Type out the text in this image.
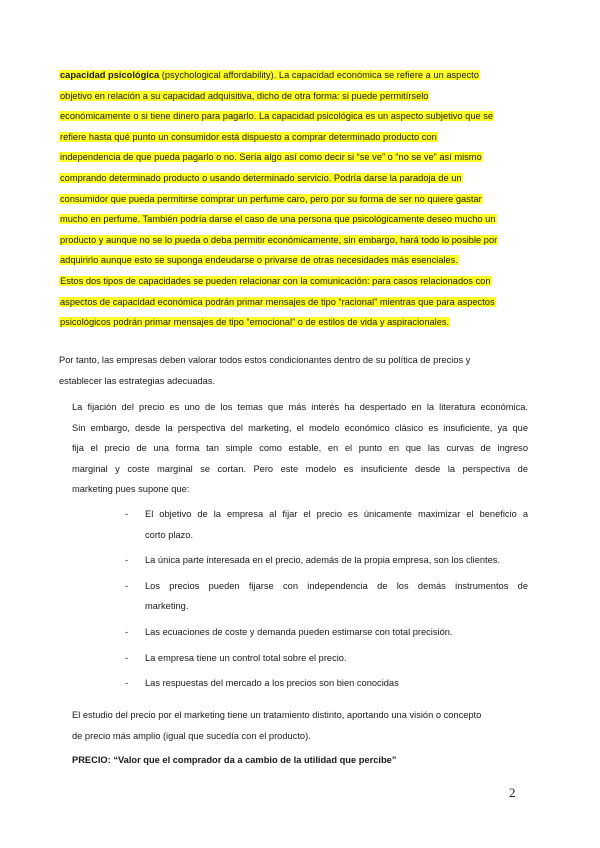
capacidad psicológica (psychological affordability). La capacidad económica se refiere a un aspecto
objetivo en relación a su capacidad adquisitiva, dicho de otra forma: si puede permitírselo
económicamente o si tiene dinero para pagarlo. La capacidad psicológica es un aspecto subjetivo que se
refiere hasta qué punto un consumidor está dispuesto a comprar determinado producto con
independencia de que pueda pagarlo o no. Sería algo así como decir si “se ve” o “no se ve” así mismo
comprando determinado producto o usando determinado servicio. Podría darse la paradoja de un
consumidor que pueda permitirse comprar un perfume caro, pero por su forma de ser no quiere gastar
mucho en perfume. También podría darse el caso de una persona que psicológicamente deseo mucho un
producto y aunque no se lo pueda o deba permitir económicamente, sin embargo, hará todo lo posible por
adquirirlo aunque esto se suponga endeudarse o privarse de otras necesidades más esenciales.
Estos dos tipos de capacidades se pueden relacionar con la comunicación: para casos relacionados con
aspectos de capacidad económica podrán primar mensajes de tipo “racional” mientras que para aspectos
psicológicos podrán primar mensajes de tipo “emocional” o de estilos de vida y aspiracionales.
Por tanto, las empresas deben valorar todos estos condicionantes dentro de su política de precios y
establecer las estrategias adecuadas.
La fijación del precio es uno de los temas que más interés ha despertado en la literatura económica.
Sin embargo, desde la perspectiva del marketing, el modelo económico clásico es insuficiente, ya que
fija el precio de una forma tan simple como estable, en el punto en que las curvas de ingreso
marginal y coste marginal se cortan. Pero este modelo es insuficiente desde la perspectiva de
marketing pues supone que:
- El objetivo de la empresa al fijar el precio es únicamente maximizar el beneficio a
corto plazo.
- La única parte interesada en el precio, además de la propia empresa, son los clientes.
- Los precios pueden fijarse con independencia de los demás instrumentos de
marketing.
- Las ecuaciones de coste y demanda pueden estimarse con total precisión.
- La empresa tiene un control total sobre el precio.
- Las respuestas del mercado a los precios son bien conocidas
El estudio del precio por el marketing tiene un tratamiento distinto, aportando una visión o concepto
de precio más amplio (igual que sucedía con el producto).
PRECIO: “Valor que el comprador da a cambio de la utilidad que percibe”
2
